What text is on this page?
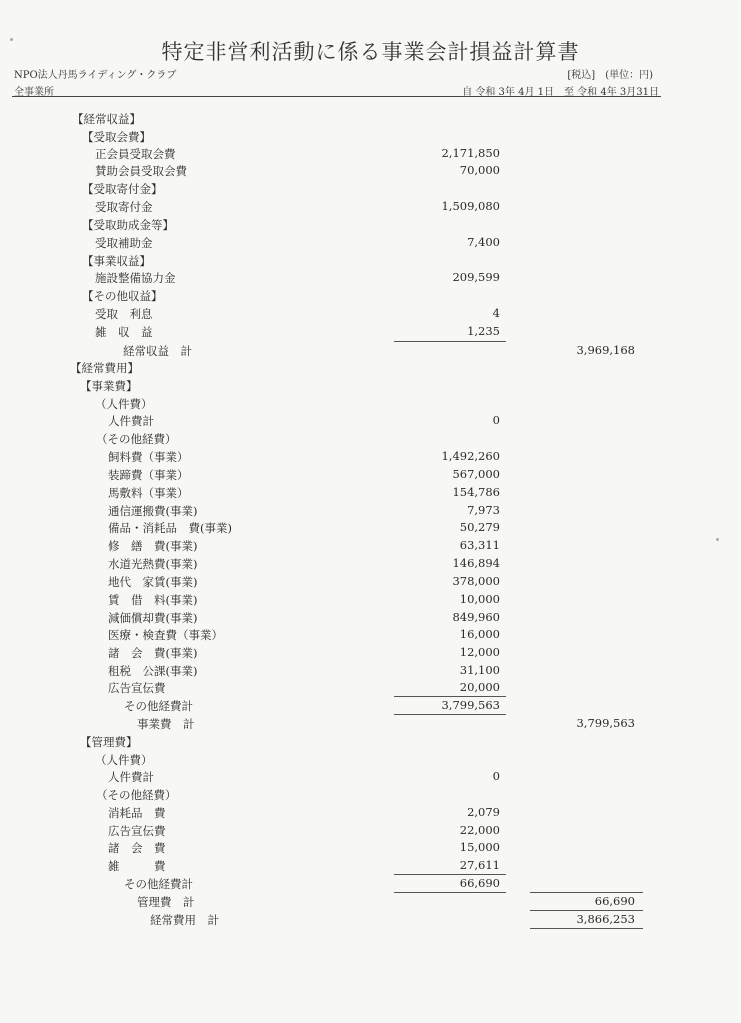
特定非営利活動に係る事業会計損益計算書
NPO法人丹馬ライディング・クラブ	[税込]　(単位：円)
全事業所	自 令和 3年 4月 1日　至 令和 4年 3月31日
【経常収益】
【受取会費】
正会員受取会費	2,171,850
賛助会員受取会費	70,000
【受取寄付金】
受取寄付金	1,509,080
【受取助成金等】
受取補助金	7,400
【事業収益】
施設整備協力金	209,599
【その他収益】
受取　利息	4
雑　収　益	1,235
経常収益　計	3,969,168
【経常費用】
【事業費】
（人件費）
人件費計	0
（その他経費）
飼料費（事業）	1,492,260
装蹄費（事業）	567,000
馬敷料（事業）	154,786
通信運搬費(事業)	7,973
備品・消耗品　費(事業)	50,279
修　繕　費(事業)	63,311
水道光熱費(事業)	146,894
地代　家賃(事業)	378,000
賃　借　料(事業)	10,000
減価償却費(事業)	849,960
医療・検査費（事業）	16,000
諸　会　費(事業)	12,000
租税　公課(事業)	31,100
広告宣伝費	20,000
その他経費計	3,799,563
事業費　計	3,799,563
【管理費】
（人件費）
人件費計	0
（その他経費）
消耗品　費	2,079
広告宣伝費	22,000
諸　会　費	15,000
雑　　　費	27,611
その他経費計	66,690
管理費　計	66,690
経常費用　計	3,866,253
